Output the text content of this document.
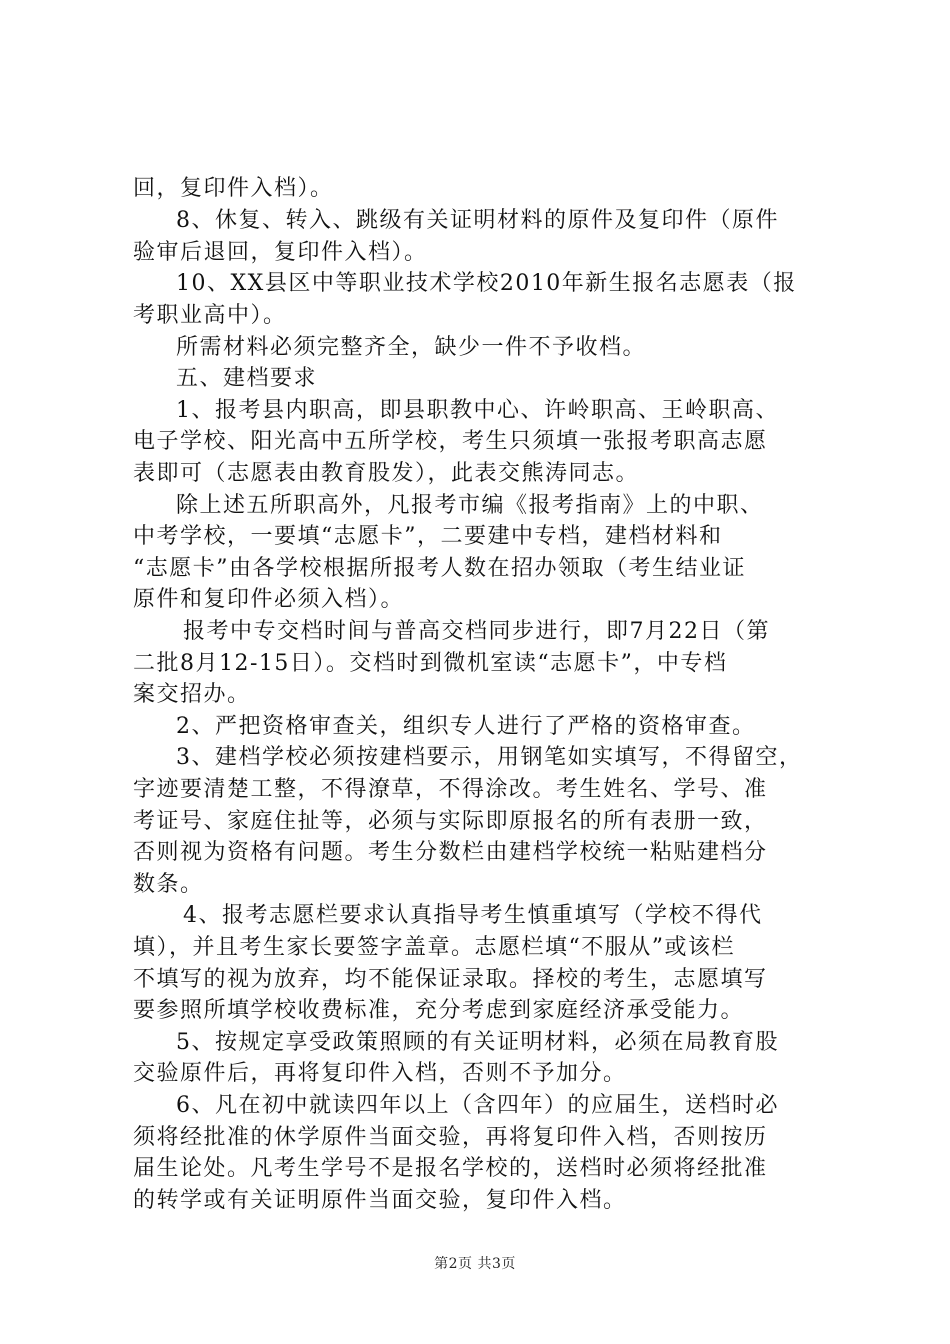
回，复印件入档）。
8、休复、转入、跳级有关证明材料的原件及复印件（原件
验审后退回，复印件入档）。
10、XX县区中等职业技术学校2010年新生报名志愿表（报
考职业高中）。
所需材料必须完整齐全，缺少一件不予收档。
五、建档要求
1、报考县内职高，即县职教中心、许岭职高、王岭职高、
电子学校、阳光高中五所学校，考生只须填一张报考职高志愿
表即可（志愿表由教育股发），此表交熊涛同志。
除上述五所职高外，凡报考市编《报考指南》上的中职、
中考学校，一要填“志愿卡”，二要建中专档，建档材料和
“志愿卡”由各学校根据所报考人数在招办领取（考生结业证
原件和复印件必须入档）。
报考中专交档时间与普高交档同步进行，即7月22日（第
二批8月12-15日）。交档时到微机室读“志愿卡”，中专档
案交招办。
2、严把资格审查关，组织专人进行了严格的资格审查。
3、建档学校必须按建档要示，用钢笔如实填写，不得留空，
字迹要清楚工整，不得潦草，不得涂改。考生姓名、学号、准
考证号、家庭住扯等，必须与实际即原报名的所有表册一致，
否则视为资格有问题。考生分数栏由建档学校统一粘贴建档分
数条。
4、报考志愿栏要求认真指导考生慎重填写（学校不得代
填），并且考生家长要签字盖章。志愿栏填“不服从”或该栏
不填写的视为放弃，均不能保证录取。择校的考生，志愿填写
要参照所填学校收费标准，充分考虑到家庭经济承受能力。
5、按规定享受政策照顾的有关证明材料，必须在局教育股
交验原件后，再将复印件入档，否则不予加分。
6、凡在初中就读四年以上（含四年）的应届生，送档时必
须将经批准的休学原件当面交验，再将复印件入档，否则按历
届生论处。凡考生学号不是报名学校的，送档时必须将经批准
的转学或有关证明原件当面交验，复印件入档。
第2页 共3页
